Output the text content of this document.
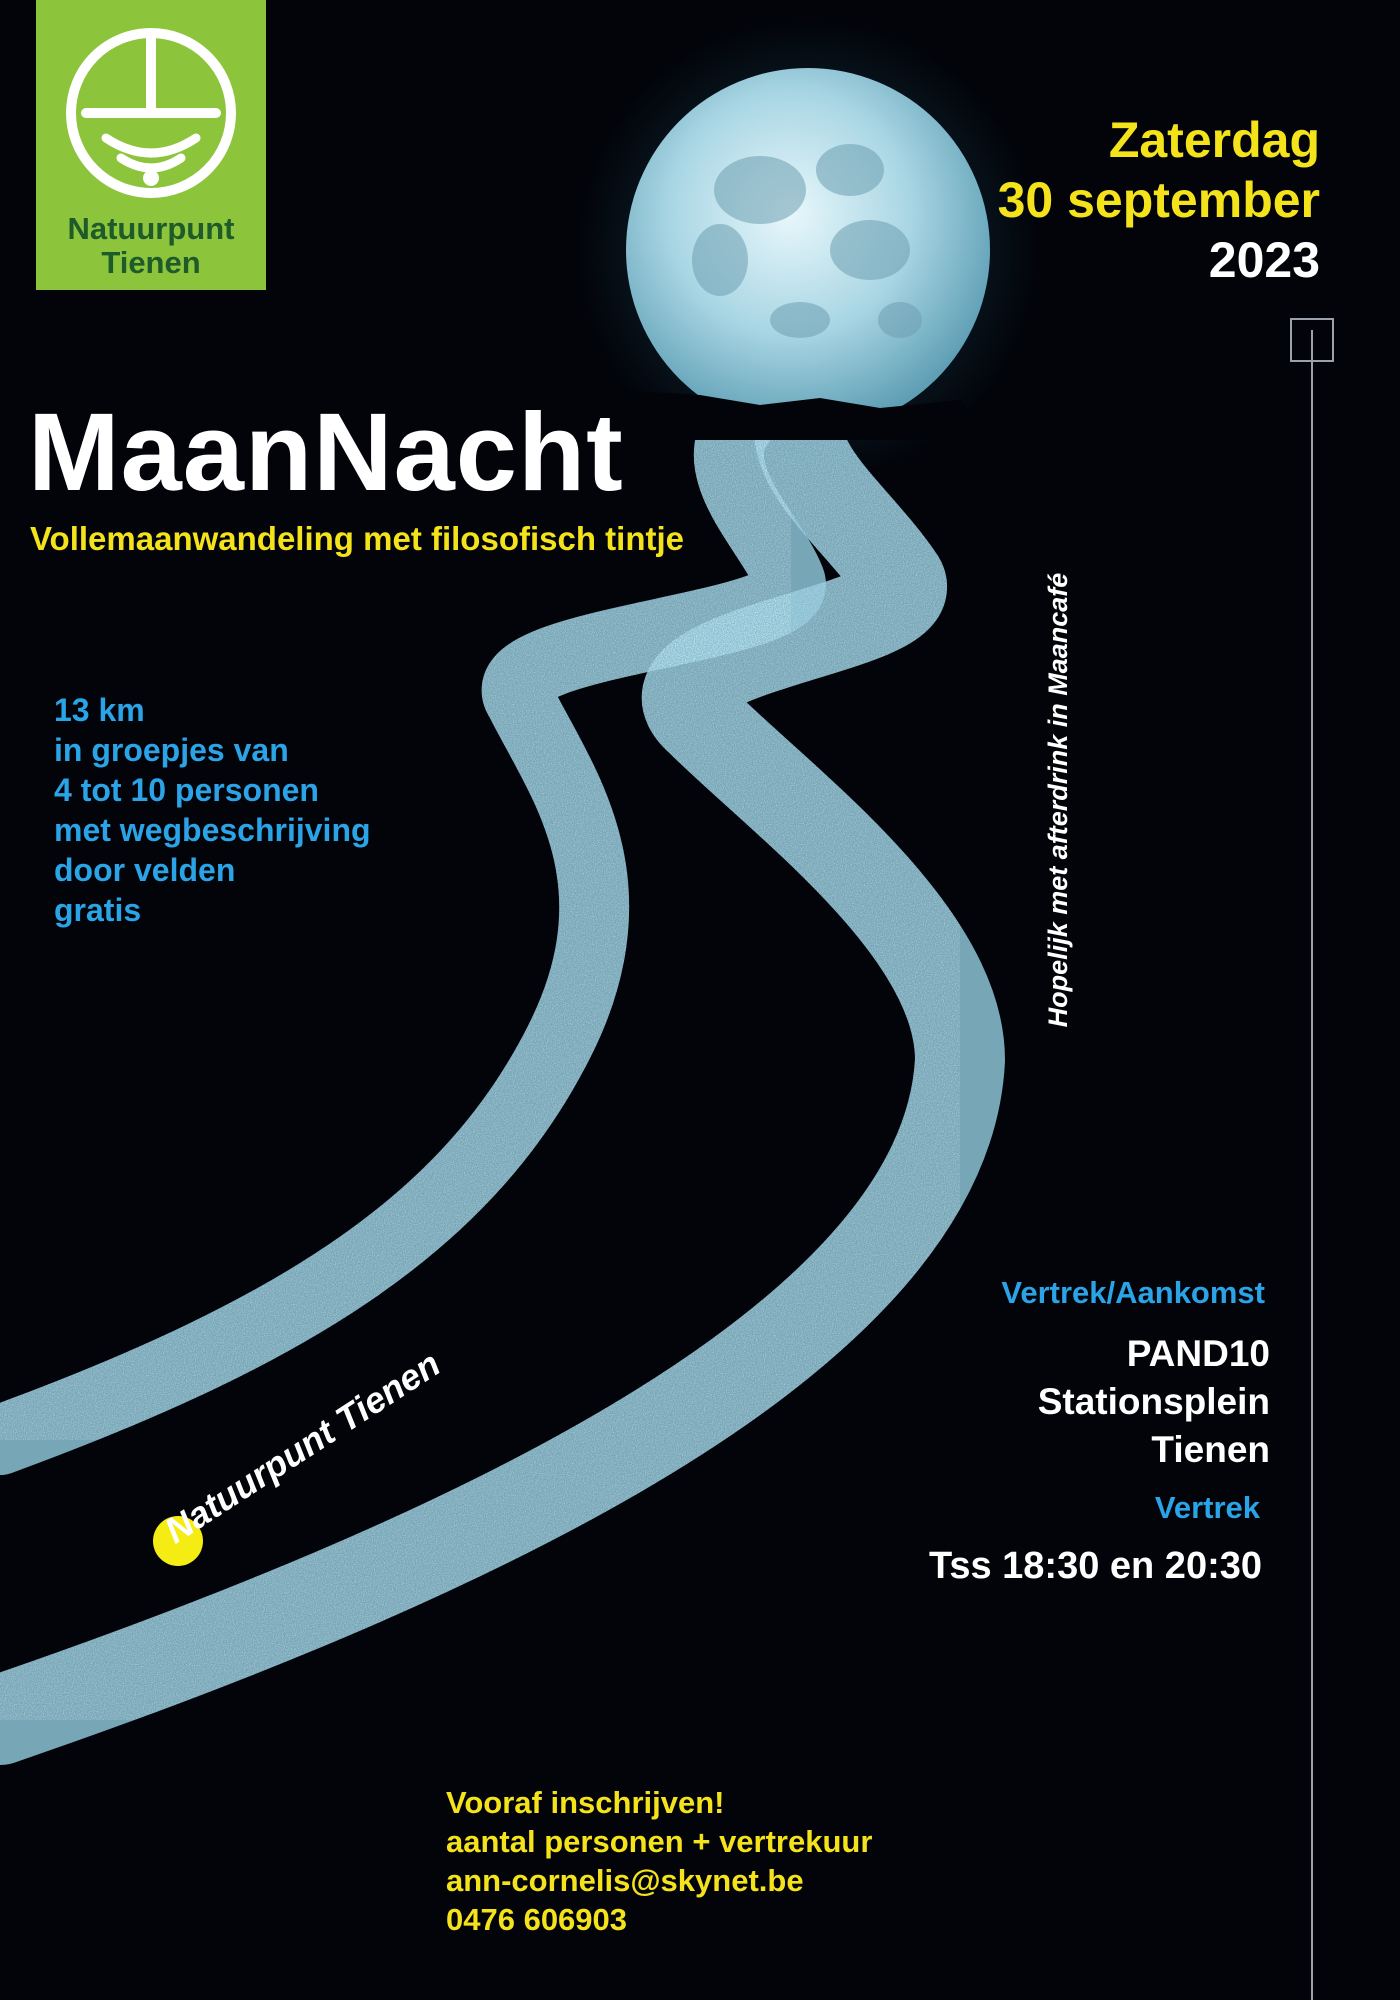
Natuurpunt
Tienen
Zaterdag
30 september
2023
MaanNacht
Vollemaanwandeling met filosofisch tintje
13 km
in groepjes van
4 tot 10 personen
met wegbeschrijving
door velden
gratis	Hopelijk met afterdrink in Maancafé
Natuurpunt Tienen
Vertrek/Aankomst
PAND10
Stationsplein
Tienen
Vertrek
Tss 18:30 en 20:30
Vooraf inschrijven!
aantal personen + vertrekuur
ann-cornelis@skynet.be
0476 606903
